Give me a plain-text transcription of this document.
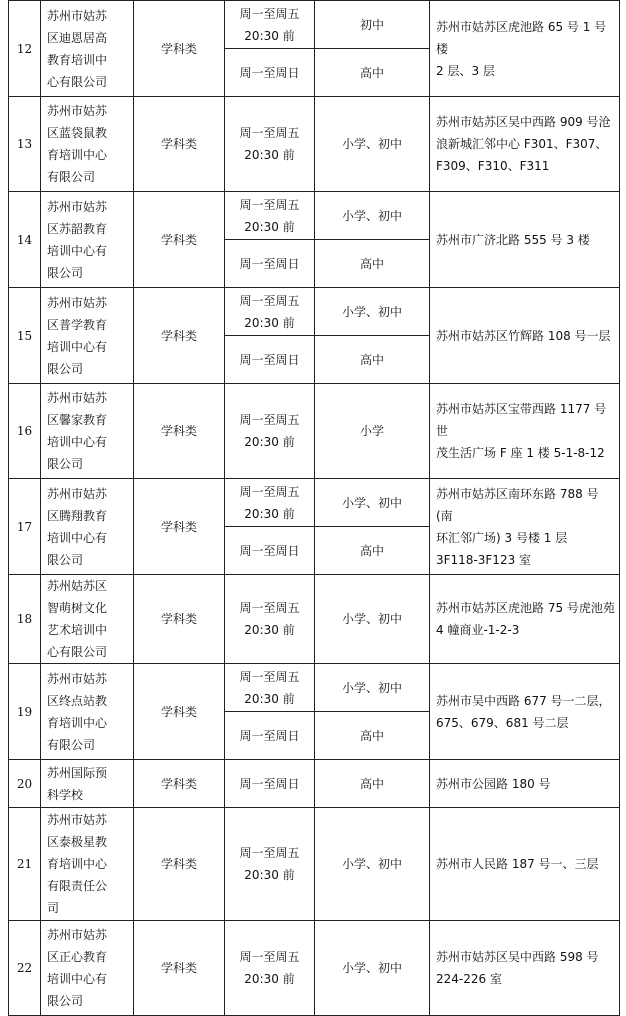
12	苏州市姑苏
区迪恩居高
教育培训中
心有限公司	学科类	周一至周五
20:30 前	初中	苏州市姑苏区虎池路 65 号 1 号楼
2 层、3 层

			周一至周日	高中	
13	苏州市姑苏
区蓝袋鼠教
育培训中心
有限公司	学科类	周一至周五
20:30 前	小学、初中	苏州市姑苏区吴中西路 909 号沧
浪新城汇邻中心 F301、F307、
F309、F310、F311

14	苏州市姑苏
区苏韶教育
培训中心有
限公司	学科类	周一至周五
20:30 前	小学、初中	苏州市广济北路 555 号 3 楼

			周一至周日	高中	
15	苏州市姑苏
区普学教育
培训中心有
限公司	学科类	周一至周五
20:30 前	小学、初中	苏州市姑苏区竹辉路 108 号一层

			周一至周日	高中	
16	苏州市姑苏
区馨家教育
培训中心有
限公司	学科类	周一至周五
20:30 前	小学	苏州市姑苏区宝带西路 1177 号世
茂生活广场 F 座 1 楼 5-1-8-12

17	苏州市姑苏
区腾翔教育
培训中心有
限公司	学科类	周一至周五
20:30 前	小学、初中	苏州市姑苏区南环东路 788 号(南
环汇邻广场) 3 号楼 1 层
3F118-3F123 室

			周一至周日	高中	
18	苏州姑苏区
智萌树文化
艺术培训中
心有限公司	学科类	周一至周五
20:30 前	小学、初中	苏州市姑苏区虎池路 75 号虎池苑
4 幢商业-1-2-3

19	苏州市姑苏
区终点站教
育培训中心
有限公司	学科类	周一至周五
20:30 前	小学、初中	苏州市吴中西路 677 号一二层，
675、679、681 号二层

			周一至周日	高中	
20	苏州国际预
科学校	学科类	周一至周日	高中	苏州市公园路 180 号

21	苏州市姑苏
区泰极星教
育培训中心
有限责任公
司	学科类	周一至周五
20:30 前	小学、初中	苏州市人民路 187 号一、三层

22	苏州市姑苏
区正心教育
培训中心有
限公司	学科类	周一至周五
20:30 前	小学、初中	苏州市姑苏区吴中西路 598 号
224-226 室
